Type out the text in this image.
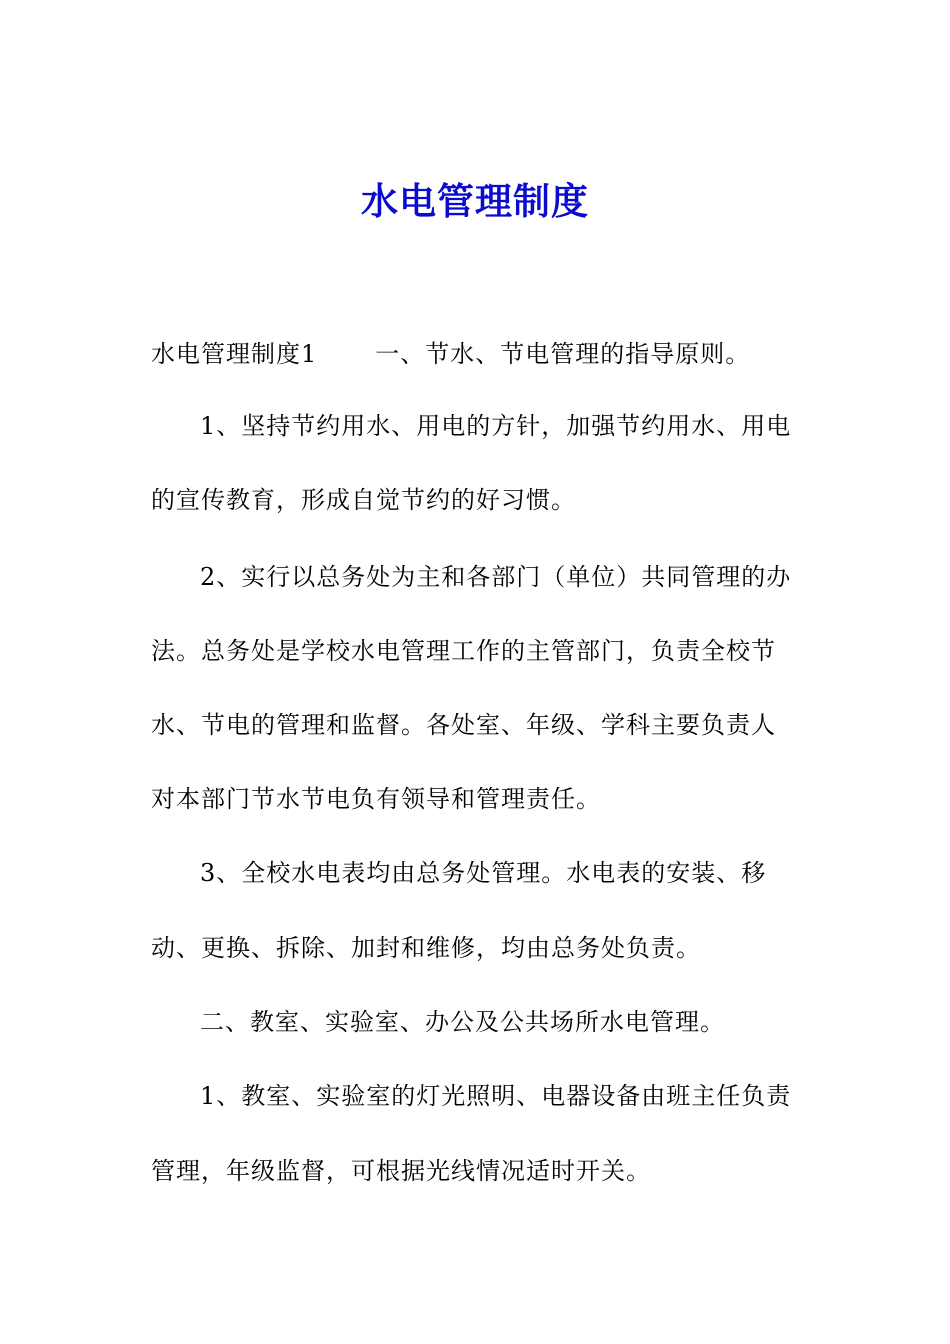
水电管理制度
水电管理制度1 一、节水、节电管理的指导原则。
1、坚持节约用水、用电的方针，加强节约用水、用电
的宣传教育，形成自觉节约的好习惯。
2、实行以总务处为主和各部门（单位）共同管理的办
法。总务处是学校水电管理工作的主管部门，负责全校节
水、节电的管理和监督。各处室、年级、学科主要负责人
对本部门节水节电负有领导和管理责任。
3、全校水电表均由总务处管理。水电表的安装、移
动、更换、拆除、加封和维修，均由总务处负责。
二、教室、实验室、办公及公共场所水电管理。
1、教室、实验室的灯光照明、电器设备由班主任负责
管理，年级监督，可根据光线情况适时开关。
